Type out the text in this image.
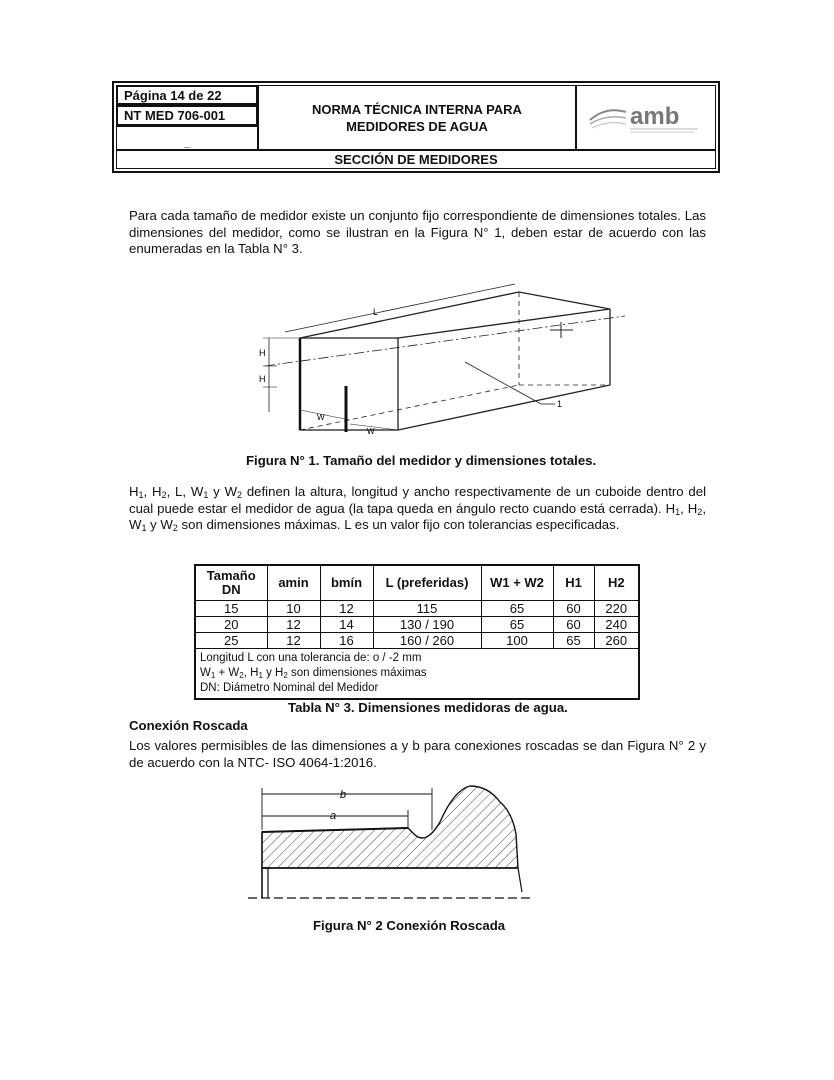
Página 14 de 22
NT MED 706-001
_
NORMA TÉCNICA INTERNA PARA
MEDIDORES DE AGUA	amb
SECCIÓN DE MEDIDORES
Para cada tamaño de medidor existe un conjunto fijo correspondiente de dimensiones totales. Las dimensiones del medidor, como se ilustran en la Figura N° 1, deben estar de acuerdo con las enumeradas en la Tabla N° 3.
L
H
H
W
W
1
Figura N° 1. Tamaño del medidor y dimensiones totales.
$H_1$, $H_2$, L, $W_1$ y $W_2$ definen la altura, longitud y ancho respectivamente de un cuboide dentro del cual puede estar el medidor de agua (la tapa queda en ángulo recto cuando está cerrada). $H_1$, $H_2$, $W_1$ y $W_2$ son dimensiones máximas. L es un valor fijo con tolerancias especificadas.
Tamaño DN	amin	bmín	L (preferidas)	W1 + W2	H1	H2
15	10	12	115	65	60	220
20	12	14	130 / 190	65	60	240
25	12	16	160 / 260	100	65	260

Longitud L con una tolerancia de: o / -2 mm
$W_1 + W_2$, $H_1$ y $H_2$ son dimensiones máximas
DN: Diámetro Nominal del Medidor						
Tabla N° 3. Dimensiones medidoras de agua.
Conexión Roscada
Los valores permisibles de las dimensiones a y b para conexiones roscadas se dan Figura N° 2 y de acuerdo con la NTC- ISO 4064-1:2016.
b
a
Figura N° 2 Conexión Roscada
